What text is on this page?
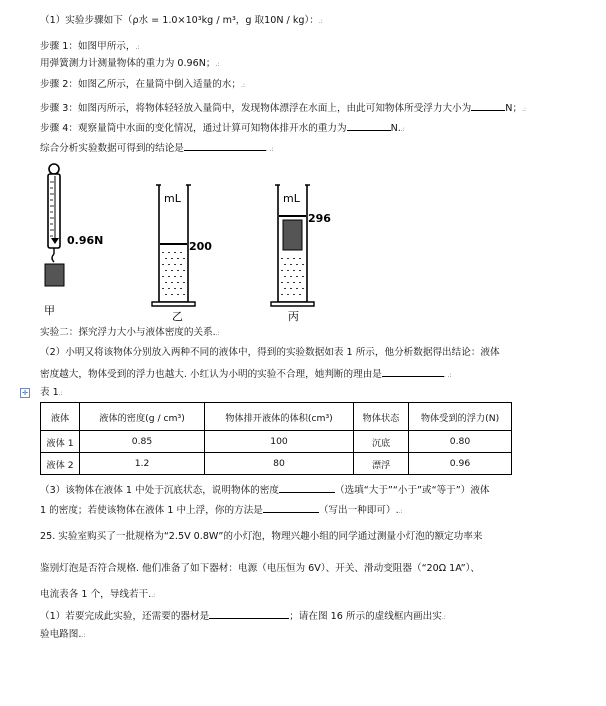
（1）实验步骤如下（ρ水 = 1.0×10³kg / m³，g 取10N / kg）：.:
步骤 1：如图甲所示，.:
用弹簧测力计测量物体的重力为 0.96N；.:
步骤 2：如图乙所示，在量筒中倒入适量的水；.:
步骤 3：如图丙所示，将物体轻轻放入量筒中，发现物体漂浮在水面上，由此可知物体所受浮力大小为	N；.:
步骤 4：观察量筒中水面的变化情况，通过计算可知物体排开水的重力为	N..:
综合分析实验数据可得到的结论是	. .:
甲
0.96N
mL
200
乙
mL
296
丙
实验二：探究浮力大小与液体密度的关系..:
（2）小明又将该物体分别放入两种不同的液体中，得到的实验数据如表 1 所示，他分析数据得出结论：液体
密度越大，物体受到的浮力也越大. 小红认为小明的实验不合理，她判断的理由是	. .:
✛ 表 1.:
液体	液体的密度(g / cm³)	物体排开液体的体积(cm³)	物体状态	物体受到的浮力(N)
液体 1	0.85	100	沉底	0.80
液体 2	1.2	80	漂浮	0.96
（3）该物体在液体 1 中处于沉底状态，说明物体的密度	（选填“大于”“小于”或“等于”）液体
1 的密度；若使该物体在液体 1 中上浮，你的方法是	（写出一种即可）..:
25. 实验室购买了一批规格为“2.5V 0.8W”的小灯泡，物理兴趣小组的同学通过测量小灯泡的额定功率来
鉴别灯泡是否符合规格. 他们准备了如下器材：电源（电压恒为 6V）、开关、滑动变阻器（“20Ω 1A”）、
电流表各 1 个，导线若干..:
（1）若要完成此实验，还需要的器材是	；请在图 16 所示的虚线框内画出实.:
验电路图..:
